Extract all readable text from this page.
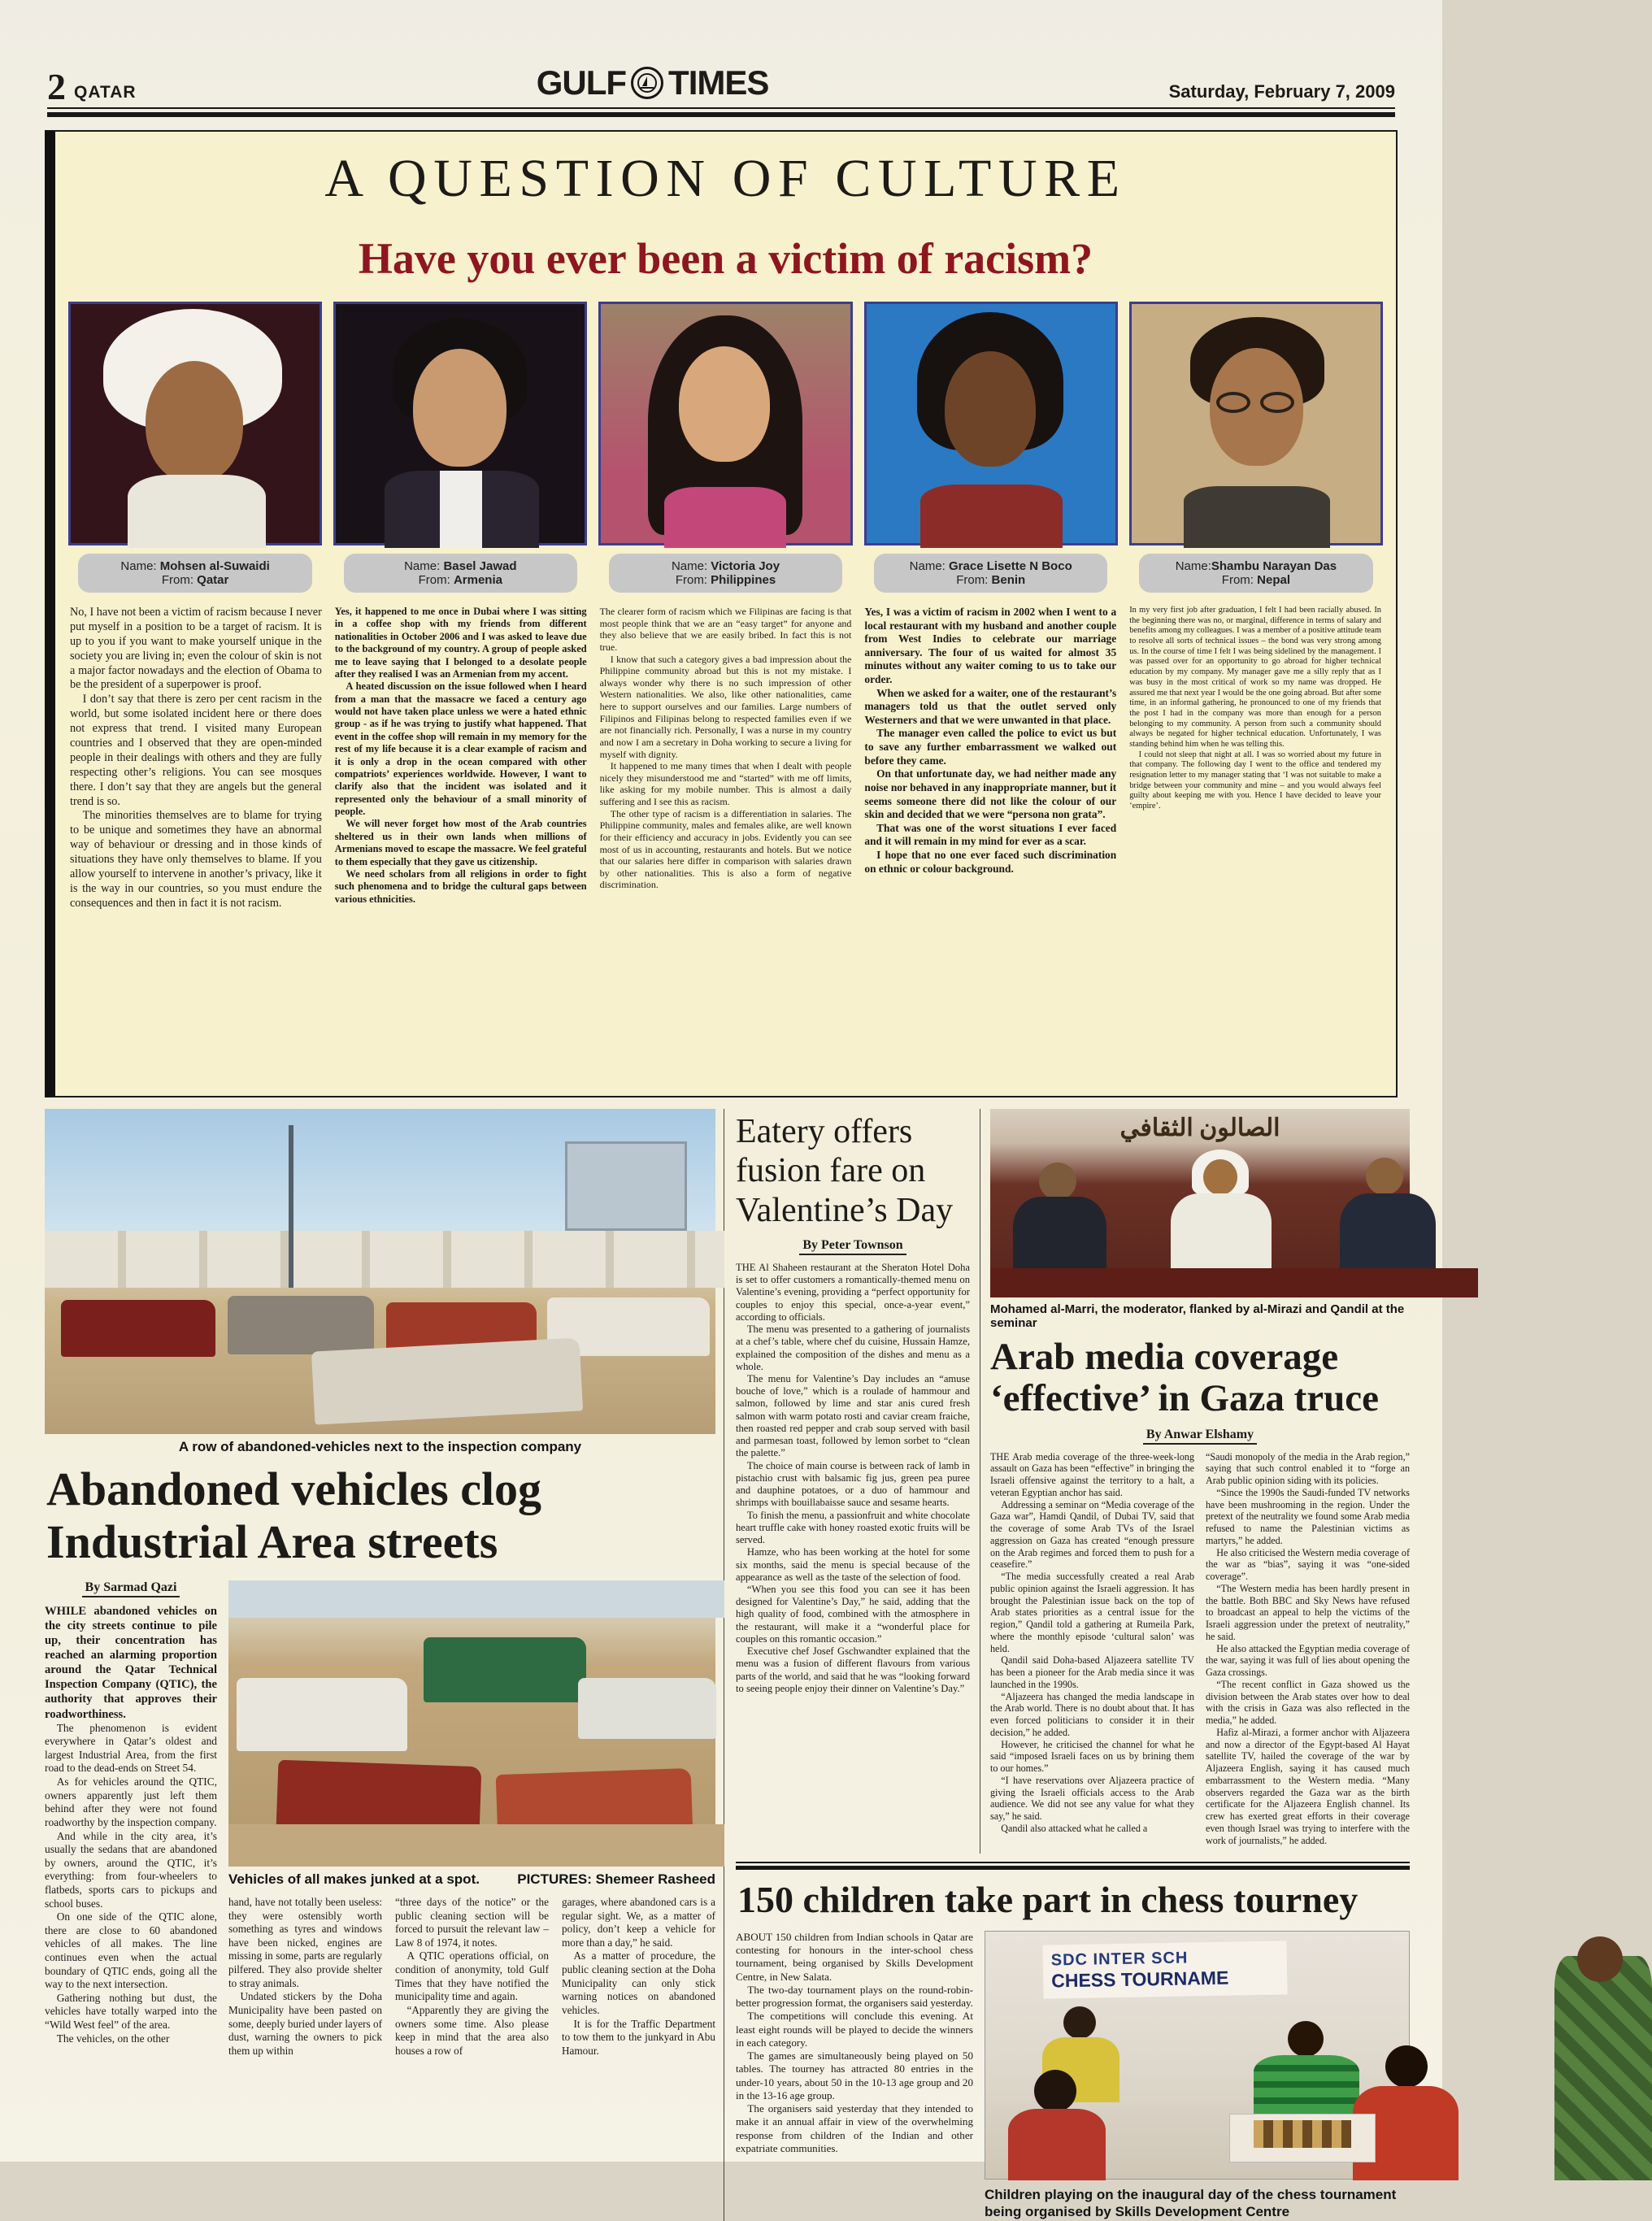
2 QATAR	GULF TIMES	Saturday, February 7, 2009
A QUESTION OF CULTURE
Have you ever been a victim of racism?
Name: Mohsen al-Suwaidi
From: Qatar
Name: Basel Jawad
From: Armenia
Name: Victoria Joy
From: Philippines
Name: Grace Lisette N Boco
From: Benin
Name:Shambu Narayan Das
From: Nepal

No, I have not been a victim of racism because I never put myself in a position to be a target of racism. It is up to you if you want to make yourself unique in the society you are living in; even the colour of skin is not a major factor nowadays and the election of Obama to be the president of a superpower is proof.

I don’t say that there is zero per cent racism in the world, but some isolated incident here or there does not express that trend. I visited many European countries and I observed that they are open-minded people in their dealings with others and they are fully respecting other’s religions. You can see mosques there. I don’t say that they are angels but the general trend is so.

The minorities themselves are to blame for trying to be unique and sometimes they have an abnormal way of behaviour or dressing and in those kinds of situations they have only themselves to blame. If you allow yourself to intervene in another’s privacy, like it is the way in our countries, so you must endure the consequences and then in fact it is not racism.

Yes, it happened to me once in Dubai where I was sitting in a coffee shop with my friends from different nationalities in October 2006 and I was asked to leave due to the background of my country. A group of people asked me to leave saying that I belonged to a desolate people after they realised I was an Armenian from my accent.

A heated discussion on the issue followed when I heard from a man that the massacre we faced a century ago would not have taken place unless we were a hated ethnic group - as if he was trying to justify what happened. That event in the coffee shop will remain in my memory for the rest of my life because it is a clear example of racism and it is only a drop in the ocean compared with other compatriots’ experiences worldwide. However, I want to clarify also that the incident was isolated and it represented only the behaviour of a small minority of people.

We will never forget how most of the Arab countries sheltered us in their own lands when millions of Armenians moved to escape the massacre. We feel grateful to them especially that they gave us citizenship.

We need scholars from all religions in order to fight such phenomena and to bridge the cultural gaps between various ethnicities.

The clearer form of racism which we Filipinas are facing is that most people think that we are an “easy target” for anyone and they also believe that we are easily bribed. In fact this is not true.

I know that such a category gives a bad impression about the Philippine community abroad but this is not my mistake. I always wonder why there is no such impression of other Western nationalities. We also, like other nationalities, came here to support ourselves and our families. Large numbers of Filipinos and Filipinas belong to respected families even if we are not financially rich. Personally, I was a nurse in my country and now I am a secretary in Doha working to secure a living for myself with dignity.

It happened to me many times that when I dealt with people nicely they misunderstood me and “started” with me off limits, like asking for my mobile number. This is almost a daily suffering and I see this as racism.

The other type of racism is a differentiation in salaries. The Philippine community, males and females alike, are well known for their efficiency and accuracy in jobs. Evidently you can see most of us in accounting, restaurants and hotels. But we notice that our salaries here differ in comparison with salaries drawn by other nationalities. This is also a form of negative discrimination.

Yes, I was a victim of racism in 2002 when I went to a local restaurant with my husband and another couple from West Indies to celebrate our marriage anniversary. The four of us waited for almost 35 minutes without any waiter coming to us to take our order.

When we asked for a waiter, one of the restaurant’s managers told us that the outlet served only Westerners and that we were unwanted in that place.

The manager even called the police to evict us but to save any further embarrassment we walked out before they came.

On that unfortunate day, we had neither made any noise nor behaved in any inappropriate manner, but it seems someone there did not like the colour of our skin and decided that we were “persona non grata”.

That was one of the worst situations I ever faced and it will remain in my mind for ever as a scar.

I hope that no one ever faced such discrimination on ethnic or colour background.

In my very first job after graduation, I felt I had been racially abused. In the beginning there was no, or marginal, difference in terms of salary and benefits among my colleagues. I was a member of a positive attitude team to resolve all sorts of technical issues – the bond was very strong among us. In the course of time I felt I was being sidelined by the management. I was passed over for an opportunity to go abroad for higher technical education by my company. My manager gave me a silly reply that as I was busy in the most critical of work so my name was dropped. He assured me that next year I would be the one going abroad. But after some time, in an informal gathering, he pronounced to one of my friends that the post I had in the company was more than enough for a person belonging to my community. A person from such a community should always be negated for higher technical education. Unfortunately, I was standing behind him when he was telling this.

I could not sleep that night at all. I was so worried about my future in that company. The following day I went to the office and tendered my resignation letter to my manager stating that ‘I was not suitable to make a bridge between your community and mine – and you would always feel guilty about keeping me with you. Hence I have decided to leave your ‘empire’.

A row of abandoned-vehicles next to the inspection company
Abandoned vehicles clog Industrial Area streets
By Sarmad Qazi

WHILE abandoned vehicles on the city streets continue to pile up, their concentration has reached an alarming proportion around the Qatar Technical Inspection Company (QTIC), the authority that approves their roadworthiness.

The phenomenon is evident everywhere in Qatar’s oldest and largest Industrial Area, from the first road to the dead-ends on Street 54.

As for vehicles around the QTIC, owners apparently just left them behind after they were not found roadworthy by the inspection company.

And while in the city area, it’s usually the sedans that are abandoned by owners, around the QTIC, it’s everything: from four-wheelers to flatbeds, sports cars to pickups and school buses.

On one side of the QTIC alone, there are close to 60 abandoned vehicles of all makes. The line continues even when the actual boundary of QTIC ends, going all the way to the next intersection.

Gathering nothing but dust, the vehicles have totally warped into the “Wild West feel” of the area.

The vehicles, on the other

Vehicles of all makes junked at a spot.	PICTURES: Shemeer Rasheed

hand, have not totally been useless: they were ostensibly worth something as tyres and windows have been nicked, engines are missing in some, parts are regularly pilfered. They also provide shelter to stray animals.

Undated stickers by the Doha Municipality have been pasted on some, deeply buried under layers of dust, warning the owners to pick them up within

“three days of the notice” or the public cleaning section will be forced to pursuit the relevant law – Law 8 of 1974, it notes.

A QTIC operations official, on condition of anonymity, told Gulf Times that they have notified the municipality time and again.

“Apparently they are giving the owners some time. Also please keep in mind that the area also houses a row of

garages, where abandoned cars is a regular sight. We, as a matter of policy, don’t keep a vehicle for more than a day,” he said.

As a matter of procedure, the public cleaning section at the Doha Municipality can only stick warning notices on abandoned vehicles.

It is for the Traffic Department to tow them to the junkyard in Abu Hamour.

Eatery offers fusion fare on Valentine’s Day
By Peter Townson

THE Al Shaheen restaurant at the Sheraton Hotel Doha is set to offer customers a romantically-themed menu on Valentine’s evening, providing a “perfect opportunity for couples to enjoy this special, once-a-year event,” according to officials.

The menu was presented to a gathering of journalists at a chef’s table, where chef du cuisine, Hussain Hamze, explained the composition of the dishes and menu as a whole.

The menu for Valentine’s Day includes an “amuse bouche of love,” which is a roulade of hammour and salmon, followed by lime and star anis cured fresh salmon with warm potato rosti and caviar cream fraiche, then roasted red pepper and crab soup served with basil and parmesan toast, followed by lemon sorbet to “clean the palette.”

The choice of main course is between rack of lamb in pistachio crust with balsamic fig jus, green pea puree and dauphine potatoes, or a duo of hammour and shrimps with bouillabaisse sauce and sesame hearts.

To finish the menu, a passionfruit and white chocolate heart truffle cake with honey roasted exotic fruits will be served.

Hamze, who has been working at the hotel for some six months, said the menu is special because of the appearance as well as the taste of the selection of food.

“When you see this food you can see it has been designed for Valentine’s Day,” he said, adding that the high quality of food, combined with the atmosphere in the restaurant, will make it a “wonderful place for couples on this romantic occasion.”

Executive chef Josef Gschwandter explained that the menu was a fusion of different flavours from various parts of the world, and said that he was “looking forward to seeing people enjoy their dinner on Valentine’s Day.”

الصالون الثقافي
Mohamed al-Marri, the moderator, flanked by al-Mirazi and Qandil at the seminar
Arab media coverage ‘effective’ in Gaza truce
By Anwar Elshamy

THE Arab media coverage of the three-week-long assault on Gaza has been “effective” in bringing the Israeli offensive against the territory to a halt, a veteran Egyptian anchor has said.

Addressing a seminar on “Media coverage of the Gaza war”, Hamdi Qandil, of Dubai TV, said that the coverage of some Arab TVs of the Israel aggression on Gaza has created “enough pressure on the Arab regimes and forced them to push for a ceasefire.”

“The media successfully created a real Arab public opinion against the Israeli aggression. It has brought the Palestinian issue back on the top of Arab states priorities as a central issue for the region,” Qandil told a gathering at Rumeila Park, where the monthly episode ‘cultural salon’ was held.

Qandil said Doha-based Aljazeera satellite TV has been a pioneer for the Arab media since it was launched in the 1990s.

“Aljazeera has changed the media landscape in the Arab world. There is no doubt about that. It has even forced politicians to consider it in their decision,” he added.

However, he criticised the channel for what he said “imposed Israeli faces on us by brining them to our homes.”

“I have reservations over Aljazeera practice of giving the Israeli officials access to the Arab audience. We did not see any value for what they say,” he said.

Qandil also attacked what he called a

“Saudi monopoly of the media in the Arab region,” saying that such control enabled it to “forge an Arab public opinion siding with its policies.

“Since the 1990s the Saudi-funded TV networks have been mushrooming in the region. Under the pretext of the neutrality we found some Arab media refused to name the Palestinian victims as martyrs,” he added.

He also criticised the Western media coverage of the war as “bias”, saying it was “one-sided coverage”.

“The Western media has been hardly present in the battle. Both BBC and Sky News have refused to broadcast an appeal to help the victims of the Israeli aggression under the pretext of neutrality,” he said.

He also attacked the Egyptian media coverage of the war, saying it was full of lies about opening the Gaza crossings.

“The recent conflict in Gaza showed us the division between the Arab states over how to deal with the crisis in Gaza was also reflected in the media,” he added.

Hafiz al-Mirazi, a former anchor with Aljazeera and now a director of the Egypt-based Al Hayat satellite TV, hailed the coverage of the war by Aljazeera English, saying it has caused much embarrassment to the Western media. “Many observers regarded the Gaza war as the birth certificate for the Aljazeera English channel. Its crew has exerted great efforts in their coverage even though Israel was trying to interfere with the work of journalists,” he added.

150 children take part in chess tourney

ABOUT 150 children from Indian schools in Qatar are contesting for honours in the inter-school chess tournament, being organised by Skills Development Centre, in New Salata.

The two-day tournament plays on the round-robin-better progression format, the organisers said yesterday.

The competitions will conclude this evening. At least eight rounds will be played to decide the winners in each category.

The games are simultaneously being played on 50 tables. The tourney has attracted 80 entries in the under-10 years, about 50 in the 10-13 age group and 20 in the 13-16 age group.

The organisers said yesterday that they intended to make it an annual affair in view of the overwhelming response from children of the Indian and other expatriate communities.

SDC INTER SCH
CHESS TOURNAME
Children playing on the inaugural day of the chess tournament being organised by Skills Development Centre
